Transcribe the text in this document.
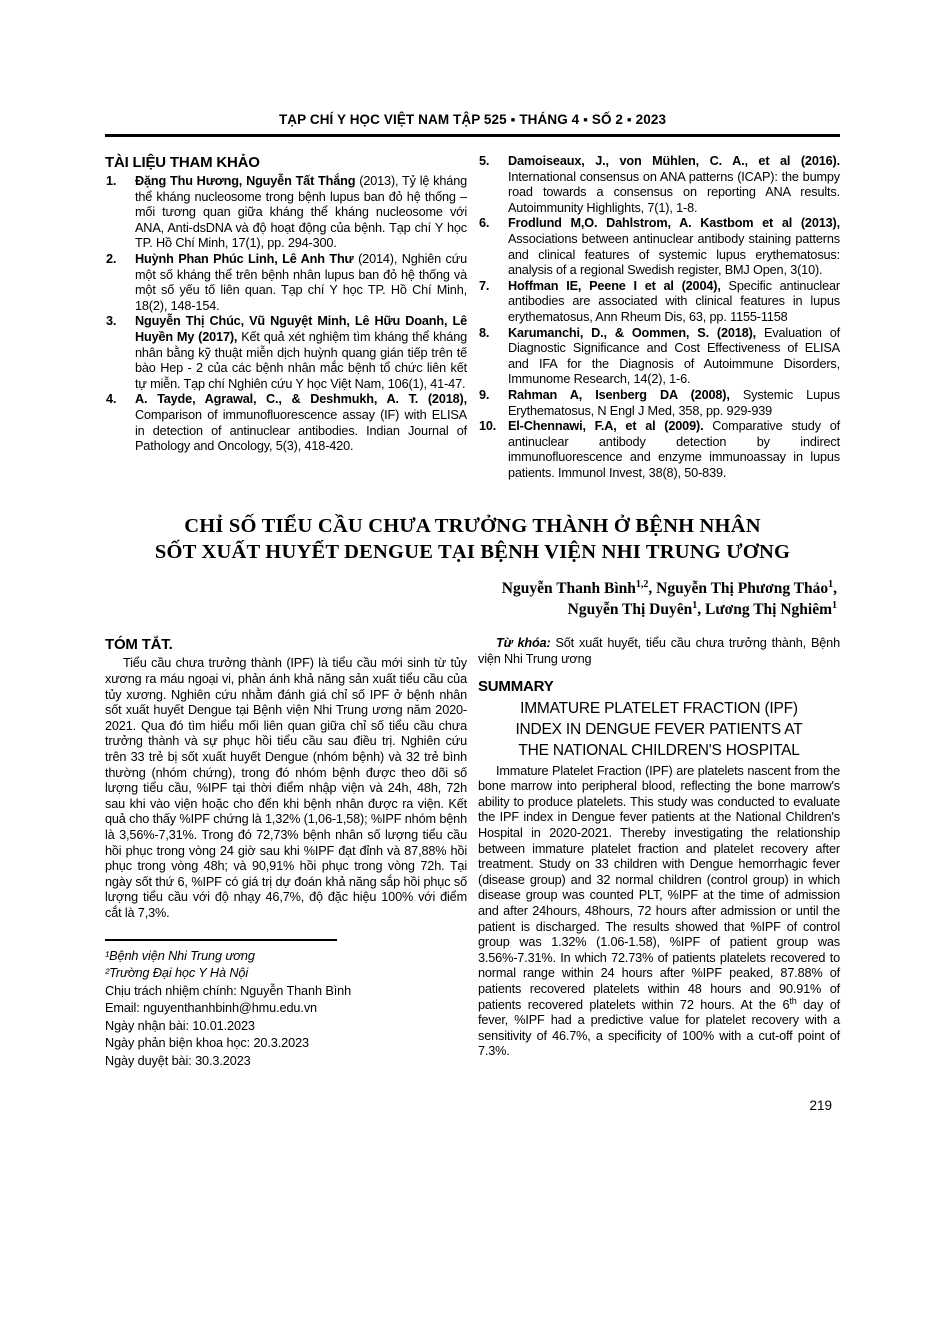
TẠP CHÍ Y HỌC VIỆT NAM TẬP 525 ▪ THÁNG 4 ▪ SỐ 2 ▪ 2023
TÀI LIỆU THAM KHẢO
1. Đặng Thu Hương, Nguyễn Tất Thắng (2013), Tỷ lệ kháng thể kháng nucleosome trong bệnh lupus ban đỏ hệ thống – mối tương quan giữa kháng thể kháng nucleosome với ANA, Anti-dsDNA và độ hoạt động của bệnh. Tạp chí Y học TP. Hồ Chí Minh, 17(1), pp. 294-300.
2. Huỳnh Phan Phúc Linh, Lê Anh Thư (2014), Nghiên cứu một số kháng thể trên bệnh nhân lupus ban đỏ hệ thống và một số yếu tố liên quan. Tạp chí Y học TP. Hồ Chí Minh, 18(2), 148-154.
3. Nguyễn Thị Chúc, Vũ Nguyệt Minh, Lê Hữu Doanh, Lê Huyền My (2017), Kết quả xét nghiệm tìm kháng thể kháng nhân bằng kỹ thuật miễn dịch huỳnh quang gián tiếp trên tế bào Hep - 2 của các bệnh nhân mắc bệnh tổ chức liên kết tự miễn. Tạp chí Nghiên cứu Y học Việt Nam, 106(1), 41-47.
4. A. Tayde, Agrawal, C., & Deshmukh, A. T. (2018), Comparison of immunofluorescence assay (IF) with ELISA in detection of antinuclear antibodies. Indian Journal of Pathology and Oncology, 5(3), 418-420.
5. Damoiseaux, J., von Mühlen, C. A., et al (2016). International consensus on ANA patterns (ICAP): the bumpy road towards a consensus on reporting ANA results. Autoimmunity Highlights, 7(1), 1-8.
6. Frodlund M,O. Dahlstrom, A. Kastbom et al (2013), Associations between antinuclear antibody staining patterns and clinical features of systemic lupus erythematosus: analysis of a regional Swedish register, BMJ Open, 3(10).
7. Hoffman IE, Peene I et al (2004), Specific antinuclear antibodies are associated with clinical features in lupus erythematosus, Ann Rheum Dis, 63, pp. 1155-1158
8. Karumanchi, D., & Oommen, S. (2018), Evaluation of Diagnostic Significance and Cost Effectiveness of ELISA and IFA for the Diagnosis of Autoimmune Disorders, Immunome Research, 14(2), 1-6.
9. Rahman A, Isenberg DA (2008), Systemic Lupus Erythematosus, N Engl J Med, 358, pp. 929-939
10. El-Chennawi, F.A, et al (2009). Comparative study of antinuclear antibody detection by indirect immunofluorescence and enzyme immunoassay in lupus patients. Immunol Invest, 38(8), 50-839.
CHỈ SỐ TIỂU CẦU CHƯA TRƯỞNG THÀNH Ở BỆNH NHÂN
SỐT XUẤT HUYẾT DENGUE TẠI BỆNH VIỆN NHI TRUNG ƯƠNG
Nguyễn Thanh Bình$^{1,2}$, Nguyễn Thị Phương Thảo$^1$,
Nguyễn Thị Duyên$^1$, Lương Thị Nghiêm$^1$
TÓM TẮT.

Tiểu cầu chưa trưởng thành (IPF) là tiểu cầu mới sinh từ tủy xương ra máu ngoại vi, phản ánh khả năng sản xuất tiểu cầu của tủy xương. Nghiên cứu nhằm đánh giá chỉ số IPF ở bệnh nhân sốt xuất huyết Dengue tại Bệnh viện Nhi Trung ương năm 2020-2021. Qua đó tìm hiểu mối liên quan giữa chỉ số tiểu cầu chưa trưởng thành và sự phục hồi tiểu cầu sau điều trị. Nghiên cứu trên 33 trẻ bị sốt xuất huyết Dengue (nhóm bệnh) và 32 trẻ bình thường (nhóm chứng), trong đó nhóm bệnh được theo dõi số lượng tiểu cầu, %IPF tại thời điểm nhập viện và 24h, 48h, 72h sau khi vào viện hoặc cho đến khi bệnh nhân được ra viện. Kết quả cho thấy %IPF chứng là 1,32% (1,06-1,58); %IPF nhóm bệnh là 3,56%-7,31%. Trong đó 72,73% bệnh nhân số lượng tiểu cầu hồi phục trong vòng 24 giờ sau khi %IPF đạt đỉnh và 87,88% hồi phục trong vòng 48h; và 90,91% hồi phục trong vòng 72h. Tại ngày sốt thứ 6, %IPF có giá trị dự đoán khả năng sắp hồi phục số lượng tiểu cầu với độ nhạy 46,7%, độ đặc hiệu 100% với điểm cắt là 7,3%.

¹Bệnh viện Nhi Trung ương
²Trường Đại học Y Hà Nội
Chịu trách nhiệm chính: Nguyễn Thanh Bình
Email: nguyenthanhbinh@hmu.edu.vn
Ngày nhận bài: 10.01.2023
Ngày phản biện khoa học: 20.3.2023
Ngày duyệt bài: 30.3.2023

Từ khóa: Sốt xuất huyết, tiểu cầu chưa trưởng thành, Bệnh viện Nhi Trung ương

SUMMARY
IMMATURE PLATELET FRACTION (IPF)
INDEX IN DENGUE FEVER PATIENTS AT
THE NATIONAL CHILDREN'S HOSPITAL

Immature Platelet Fraction (IPF) are platelets nascent from the bone marrow into peripheral blood, reflecting the bone marrow's ability to produce platelets. This study was conducted to evaluate the IPF index in Dengue fever patients at the National Children's Hospital in 2020-2021. Thereby investigating the relationship between immature platelet fraction and platelet recovery after treatment. Study on 33 children with Dengue hemorrhagic fever (disease group) and 32 normal children (control group) in which disease group was counted PLT, %IPF at the time of admission and after 24hours, 48hours, 72 hours after admission or until the patient is discharged. The results showed that %IPF of control group was 1.32% (1.06-1.58), %IPF of patient group was 3.56%-7.31%. In which 72.73% of patients platelets recovered to normal range within 24 hours after %IPF peaked, 87.88% of patients recovered platelets within 48 hours and 90.91% of patients recovered platelets within 72 hours. At the 6th day of fever, %IPF had a predictive value for platelet recovery with a sensitivity of 46.7%, a specificity of 100% with a cut-off point of 7.3%.

219
